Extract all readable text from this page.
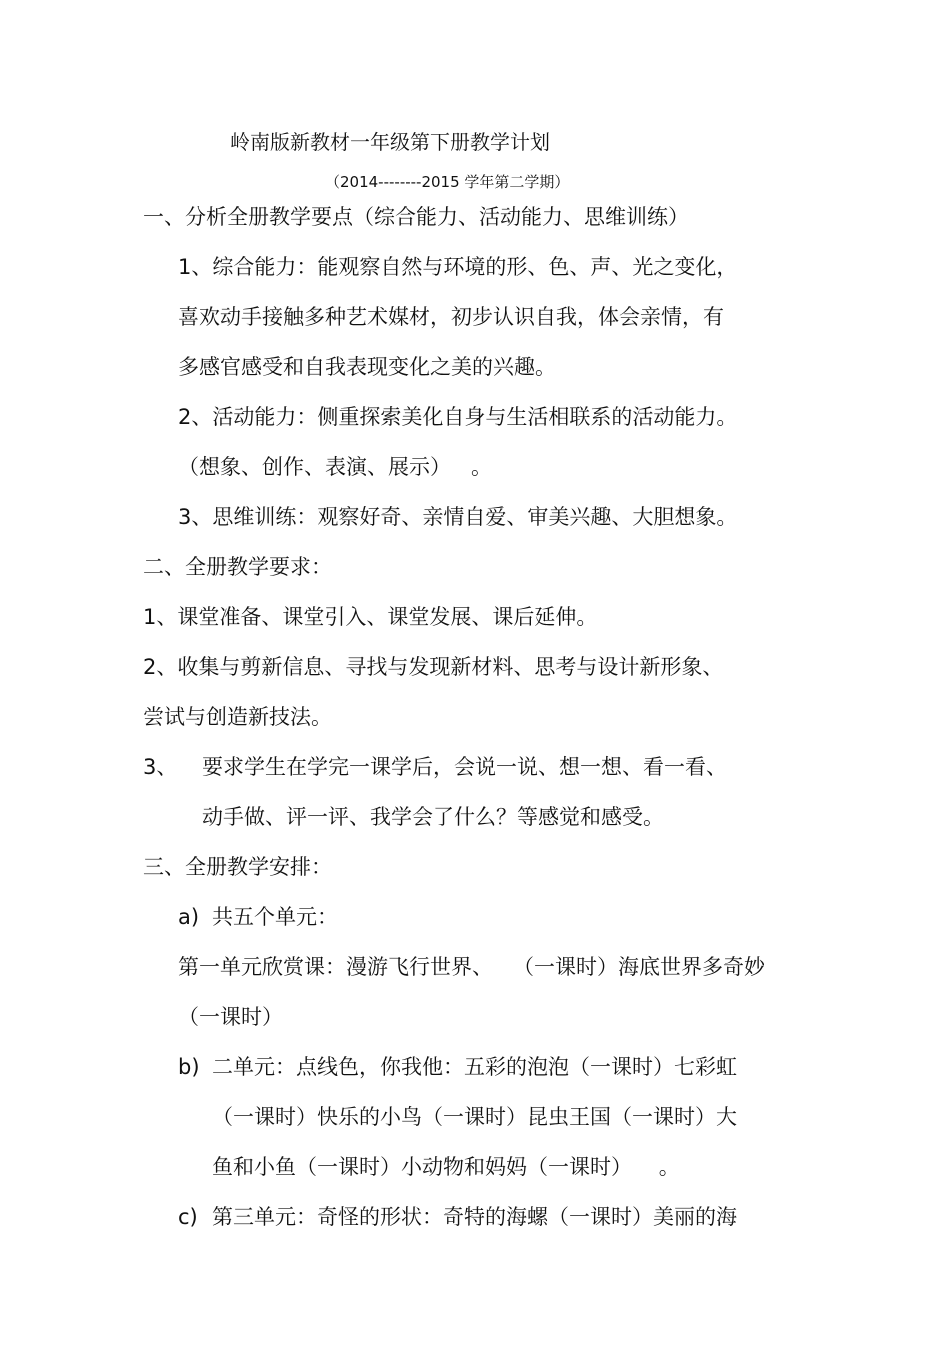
岭南版新教材一年级第下册教学计划
（2014--------2015 学年第二学期）
一、分析全册教学要点（综合能力、活动能力、思维训练）
1、综合能力：能观察自然与环境的形、色、声、光之变化，
喜欢动手接触多种艺术媒材，初步认识自我，体会亲情，有
多感官感受和自我表现变化之美的兴趣。
2、活动能力：侧重探索美化自身与生活相联系的活动能力。
（想象、创作、表演、展示）   。
3、思维训练：观察好奇、亲情自爱、审美兴趣、大胆想象。
二、全册教学要求：
1、课堂准备、课堂引入、课堂发展、课后延伸。
2、收集与剪新信息、寻找与发现新材料、思考与设计新形象、
尝试与创造新技法。
3、 要求学生在学完一课学后，会说一说、想一想、看一看、
动手做、评一评、我学会了什么？等感觉和感受。
三、全册教学安排：
a) 共五个单元：
第一单元欣赏课：漫游飞行世界、   （一课时）海底世界多奇妙
（一课时）
b) 二单元：点线色，你我他：五彩的泡泡（一课时）七彩虹
（一课时）快乐的小鸟（一课时）昆虫王国（一课时）大
鱼和小鱼（一课时）小动物和妈妈（一课时）    。
c) 第三单元：奇怪的形状：奇特的海螺（一课时）美丽的海
